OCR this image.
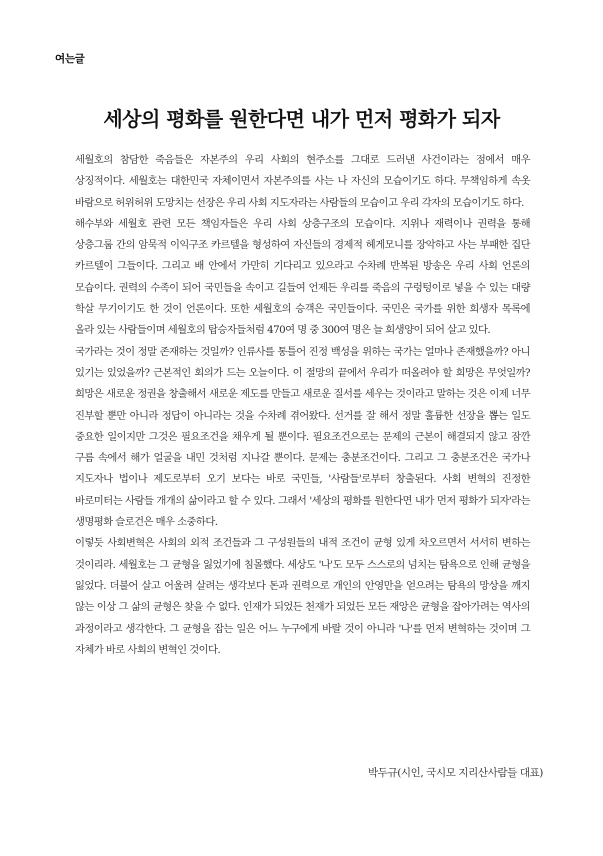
여는글
세상의 평화를 원한다면 내가 먼저 평화가 되자

세월호의 참담한 죽음들은 자본주의 우리 사회의 현주소를 그대로 드러낸 사건이라는 점에서 매우 상징적이다. 세월호는 대한민국 자체이면서 자본주의를 사는 나 자신의 모습이기도 하다. 무책임하게 속옷 바람으로 허위허위 도망치는 선장은 우리 사회 지도자라는 사람들의 모습이고 우리 각자의 모습이기도 하다.

해수부와 세월호 관련 모든 책임자들은 우리 사회 상층구조의 모습이다. 지위나 재력이나 권력을 통해 상층그룹 간의 암묵적 이익구조 카르텔을 형성하여 자신들의 경제적 헤게모니를 장악하고 사는 부패한 집단 카르텔이 그들이다. 그리고 배 안에서 가만히 기다리고 있으라고 수차례 반복된 방송은 우리 사회 언론의 모습이다. 권력의 수족이 되어 국민들을 속이고 길들여 언제든 우리를 죽음의 구렁텅이로 넣을 수 있는 대량 학살 무기이기도 한 것이 언론이다. 또한 세월호의 승객은 국민들이다. 국민은 국가를 위한 희생자 목록에 올라 있는 사람들이며 세월호의 탑승자들처럼 470여 명 중 300여 명은 늘 희생양이 되어 살고 있다.

국가라는 것이 정말 존재하는 것일까? 인류사를 통틀어 진정 백성을 위하는 국가는 얼마나 존재했을까? 아니 있기는 있었을까? 근본적인 회의가 드는 오늘이다. 이 절망의 끝에서 우리가 떠올려야 할 희망은 무엇일까? 희망은 새로운 정권을 창출해서 새로운 제도를 만들고 새로운 질서를 세우는 것이라고 말하는 것은 이제 너무 진부할 뿐만 아니라 정답이 아니라는 것을 수차례 겪어왔다. 선거를 잘 해서 정말 훌륭한 선장을 뽑는 일도 중요한 일이지만 그것은 필요조건을 채우게 될 뿐이다. 필요조건으로는 문제의 근본이 해결되지 않고 잠깐 구름 속에서 해가 얼굴을 내민 것처럼 지나갈 뿐이다. 문제는 충분조건이다. 그리고 그 충분조건은 국가나 지도자나 법이나 제도로부터 오기 보다는 바로 국민들, '사람들'로부터 창출된다. 사회 변혁의 진정한 바로미터는 사람들 개개의 삶이라고 할 수 있다. 그래서 '세상의 평화를 원한다면 내가 먼저 평화가 되자'라는 생명평화 슬로건은 매우 소중하다.

이렇듯 사회변혁은 사회의 외적 조건들과 그 구성원들의 내적 조건이 균형 있게 차오르면서 서서히 변하는 것이리라. 세월호는 그 균형을 잃었기에 침몰했다. 세상도 '나'도 모두 스스로의 넘치는 탐욕으로 인해 균형을 잃었다. 더불어 살고 어울려 살려는 생각보다 돈과 권력으로 개인의 안영만을 얻으려는 탐욕의 망상을 깨지 않는 이상 그 삶의 균형은 찾을 수 없다. 인재가 되었든 천재가 되었든 모든 재앙은 균형을 잡아가려는 역사의 과정이라고 생각한다. 그 균형을 잡는 일은 어느 누구에게 바랄 것이 아니라 '나'를 먼저 변혁하는 것이며 그 자체가 바로 사회의 변혁인 것이다.

박두규(시인, 국시모 지리산사람들 대표)
